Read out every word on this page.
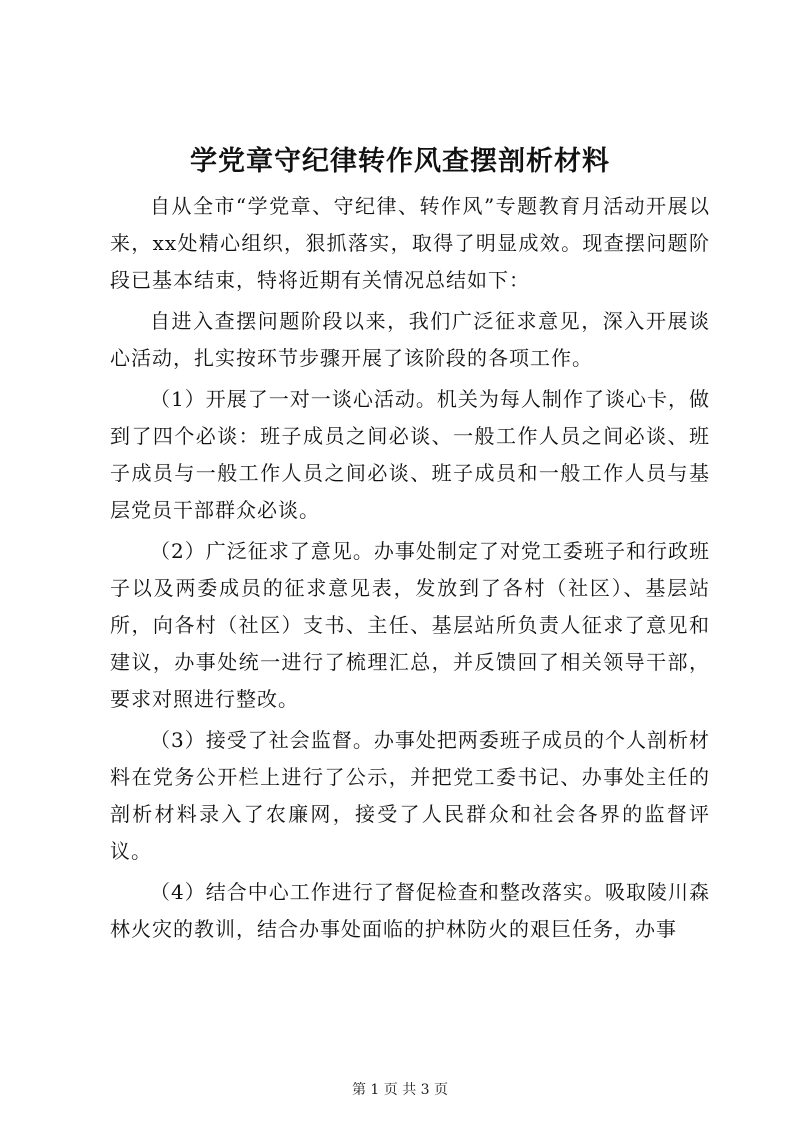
学党章守纪律转作风查摆剖析材料

自从全市“学党章、守纪律、转作风”专题教育月活动开展以来，xx处精心组织，狠抓落实，取得了明显成效。现查摆问题阶段已基本结束，特将近期有关情况总结如下：

自进入查摆问题阶段以来，我们广泛征求意见，深入开展谈心活动，扎实按环节步骤开展了该阶段的各项工作。

（1）开展了一对一谈心活动。机关为每人制作了谈心卡，做到了四个必谈：班子成员之间必谈、一般工作人员之间必谈、班子成员与一般工作人员之间必谈、班子成员和一般工作人员与基层党员干部群众必谈。

（2）广泛征求了意见。办事处制定了对党工委班子和行政班子以及两委成员的征求意见表，发放到了各村（社区）、基层站所，向各村（社区）支书、主任、基层站所负责人征求了意见和建议，办事处统一进行了梳理汇总，并反馈回了相关领导干部，要求对照进行整改。

（3）接受了社会监督。办事处把两委班子成员的个人剖析材料在党务公开栏上进行了公示，并把党工委书记、办事处主任的剖析材料录入了农廉网，接受了人民群众和社会各界的监督评议。

（4）结合中心工作进行了督促检查和整改落实。吸取陵川森林火灾的教训，结合办事处面临的护林防火的艰巨任务，办事

第 1 页 共 3 页
